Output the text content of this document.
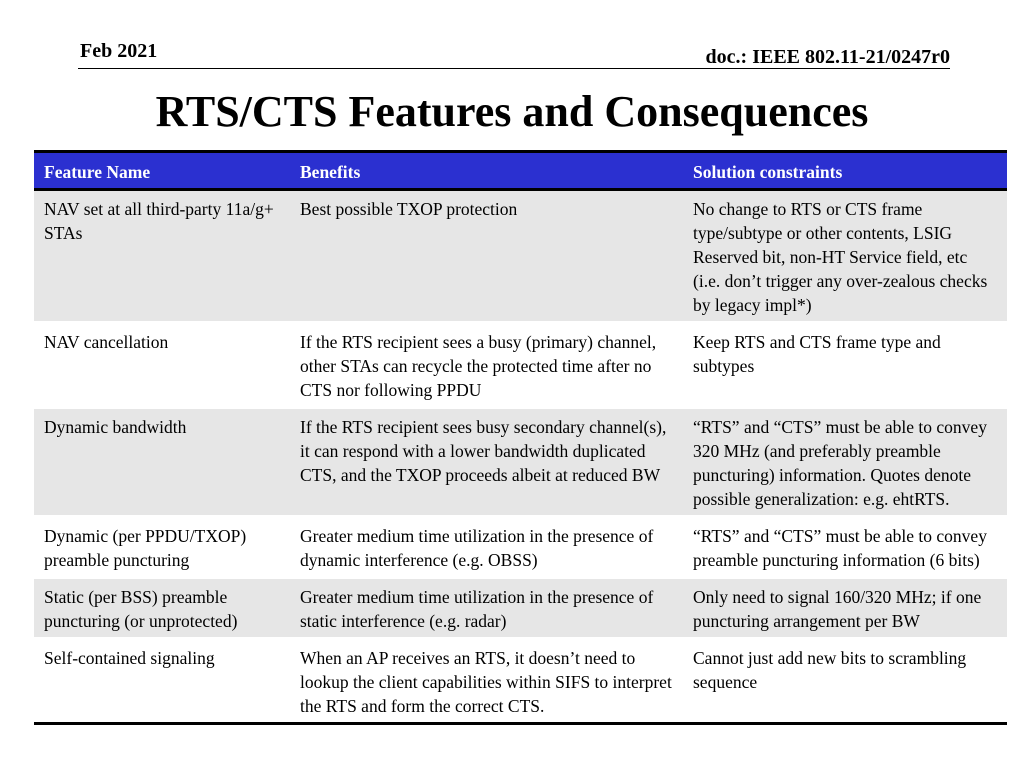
Feb 2021	doc.: IEEE 802.11-21/0247r0
RTS/CTS Features and Consequences
Feature Name	Benefits	Solution constraints
NAV set at all third-party 11a/g+ STAs	Best possible TXOP protection	No change to RTS or CTS frame type/subtype or other contents, LSIG Reserved bit, non-HT Service field, etc (i.e. don’t trigger any over-zealous checks by legacy impl*)
NAV cancellation	If the RTS recipient sees a busy (primary) channel, other STAs can recycle the protected time after no CTS nor following PPDU	Keep RTS and CTS frame type and subtypes
Dynamic bandwidth	If the RTS recipient sees busy secondary channel(s), it can respond with a lower bandwidth duplicated CTS, and the TXOP proceeds albeit at reduced BW	“RTS” and “CTS” must be able to convey 320 MHz (and preferably preamble puncturing) information. Quotes denote possible generalization: e.g. ehtRTS.
Dynamic (per PPDU/TXOP) preamble puncturing	Greater medium time utilization in the presence of dynamic interference (e.g. OBSS)	“RTS” and “CTS” must be able to convey preamble puncturing information (6 bits)
Static (per BSS) preamble puncturing (or unprotected)	Greater medium time utilization in the presence of static interference (e.g. radar)	Only need to signal 160/320 MHz; if one puncturing arrangement per BW
Self-contained signaling	When an AP receives an RTS, it doesn’t need to lookup the client capabilities within SIFS to interpret the RTS and form the correct CTS.	Cannot just add new bits to scrambling sequence
